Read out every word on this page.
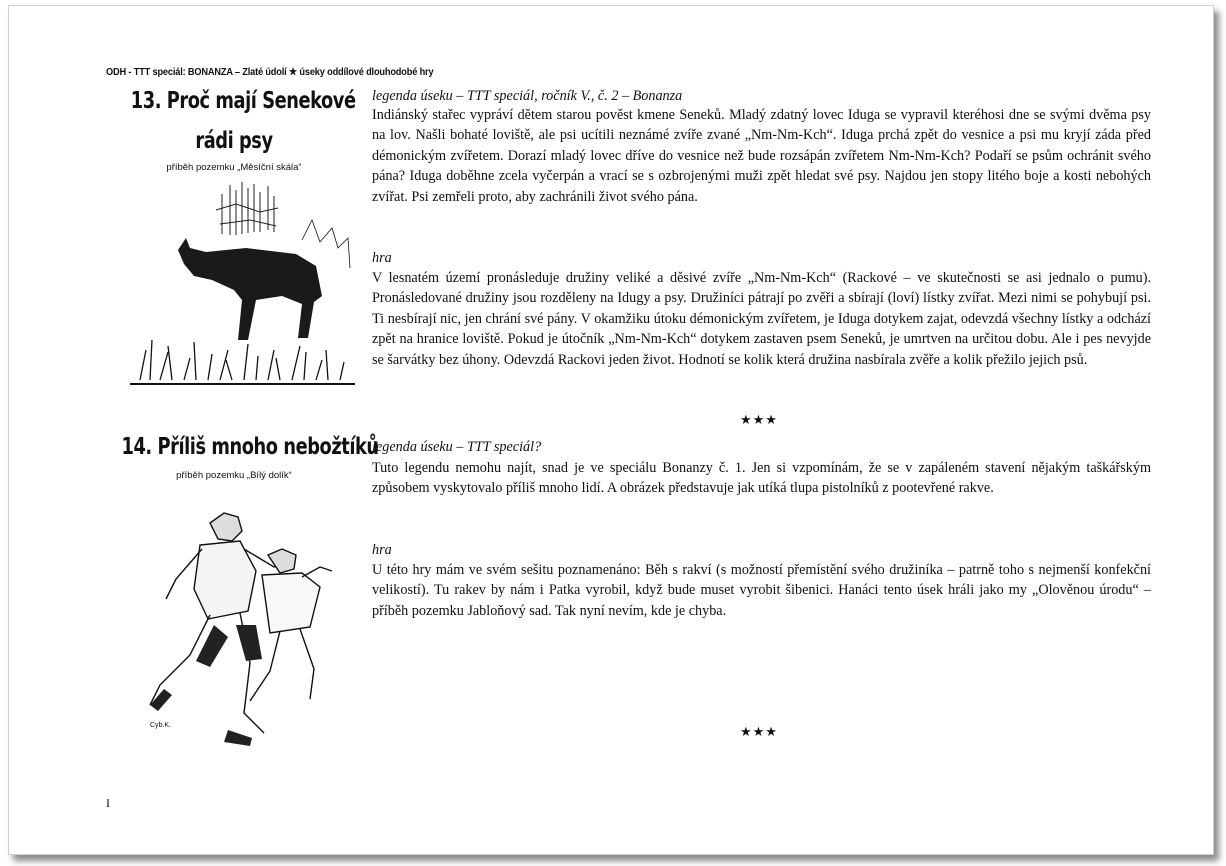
ODH - TTT speciál: BONANZA – Zlaté údolí ★ úseky oddílové dlouhodobé hry
13. Proč mají Senekové
rádi psy
příběh pozemku „Měsíční skála“
legenda úseku – TTT speciál, ročník V., č. 2 – Bonanza
Indiánský stařec vypráví dětem starou pověst kmene Seneků. Mladý zdatný lovec Iduga se vypravil kteréhosi dne se svými dvěma psy na lov. Našli bohaté loviště, ale psi ucítili neznámé zvíře zvané „Nm-Nm-Kch“. Iduga prchá zpět do vesnice a psi mu kryjí záda před démonickým zvířetem. Dorazí mladý lovec dříve do vesnice než bude rozsápán zvířetem Nm-Nm-Kch? Podaří se psům ochránit svého pána? Iduga doběhne zcela vyčerpán a vrací se s ozbrojenými muži zpět hledat své psy. Najdou jen stopy litého boje a kosti nebohých zvířat. Psi zemřeli proto, aby zachránili život svého pána.
hra
V lesnatém území pronásleduje družiny veliké a děsivé zvíře „Nm-Nm-Kch“ (Rackové – ve skutečnosti se asi jednalo o pumu). Pronásledované družiny jsou rozděleny na Idugy a psy. Družiníci pátrají po zvěři a sbírají (loví) lístky zvířat. Mezi nimi se pohybují psi. Ti nesbírají nic, jen chrání své pány. V okamžiku útoku démonickým zvířetem, je Iduga dotykem zajat, odevzdá všechny lístky a odchází zpět na hranice loviště. Pokud je útočník „Nm-Nm-Kch“ dotykem zastaven psem Seneků, je umrtven na určitou dobu. Ale i pes nevyjde se šarvátky bez úhony. Odevzdá Rackovi jeden život. Hodnotí se kolik která družina nasbírala zvěře a kolik přežilo jejich psů.
★★★
14. Příliš mnoho nebožtíků
příběh pozemku „Bílý dolík“
Cyb.K.
legenda úseku – TTT speciál?
Tuto legendu nemohu najít, snad je ve speciálu Bonanzy č. 1. Jen si vzpomínám, že se v zapáleném stavení nějakým taškářským způsobem vyskytovalo příliš mnoho lidí. A obrázek představuje jak utíká tlupa pistolníků z pootevřené rakve.
hra
U této hry mám ve svém sešitu poznamenáno: Běh s rakví (s možností přemístění svého družiníka – patrně toho s nejmenší konfekční velikostí). Tu rakev by nám i Patka vyrobil, když bude muset vyrobit šibenici. Hanáci tento úsek hráli jako my „Olověnou úrodu“ – příběh pozemku Jabloňový sad. Tak nyní nevím, kde je chyba.
★★★
I
